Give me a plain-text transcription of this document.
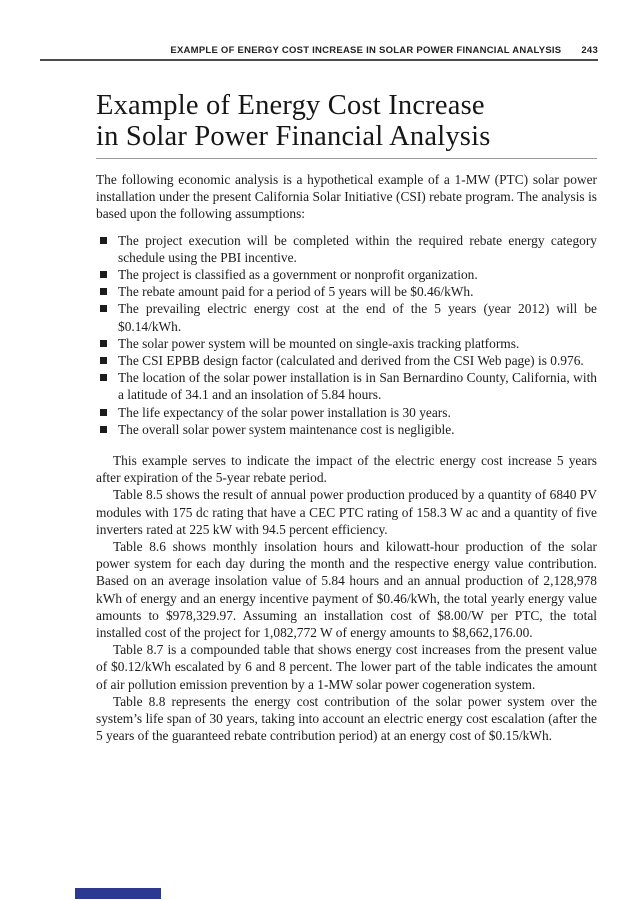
EXAMPLE OF ENERGY COST INCREASE IN SOLAR POWER FINANCIAL ANALYSIS 243
Example of Energy Cost Increase
in Solar Power Financial Analysis

The following economic analysis is a hypothetical example of a 1-MW (PTC) solar power installation under the present California Solar Initiative (CSI) rebate program. The analysis is based upon the following assumptions:

The project execution will be completed within the required rebate energy category schedule using the PBI incentive.
The project is classified as a government or nonprofit organization.
The rebate amount paid for a period of 5 years will be $0.46/kWh.
The prevailing electric energy cost at the end of the 5 years (year 2012) will be $0.14/kWh.
The solar power system will be mounted on single-axis tracking platforms.
The CSI EPBB design factor (calculated and derived from the CSI Web page) is 0.976.
The location of the solar power installation is in San Bernardino County, California, with a latitude of 34.1 and an insolation of 5.84 hours.
The life expectancy of the solar power installation is 30 years.
The overall solar power system maintenance cost is negligible.

This example serves to indicate the impact of the electric energy cost increase 5 years after expiration of the 5-year rebate period.

Table 8.5 shows the result of annual power production produced by a quantity of 6840 PV modules with 175 dc rating that have a CEC PTC rating of 158.3 W ac and a quantity of five inverters rated at 225 kW with 94.5 percent efficiency.

Table 8.6 shows monthly insolation hours and kilowatt-hour production of the solar power system for each day during the month and the respective energy value contribution. Based on an average insolation value of 5.84 hours and an annual production of 2,128,978 kWh of energy and an energy incentive payment of $0.46/kWh, the total yearly energy value amounts to $978,329.97. Assuming an installation cost of $8.00/W per PTC, the total installed cost of the project for 1,082,772 W of energy amounts to $8,662,176.00.

Table 8.7 is a compounded table that shows energy cost increases from the present value of $0.12/kWh escalated by 6 and 8 percent. The lower part of the table indicates the amount of air pollution emission prevention by a 1-MW solar power cogeneration system.

Table 8.8 represents the energy cost contribution of the solar power system over the system’s life span of 30 years, taking into account an electric energy cost escalation (after the 5 years of the guaranteed rebate contribution period) at an energy cost of $0.15/kWh.
